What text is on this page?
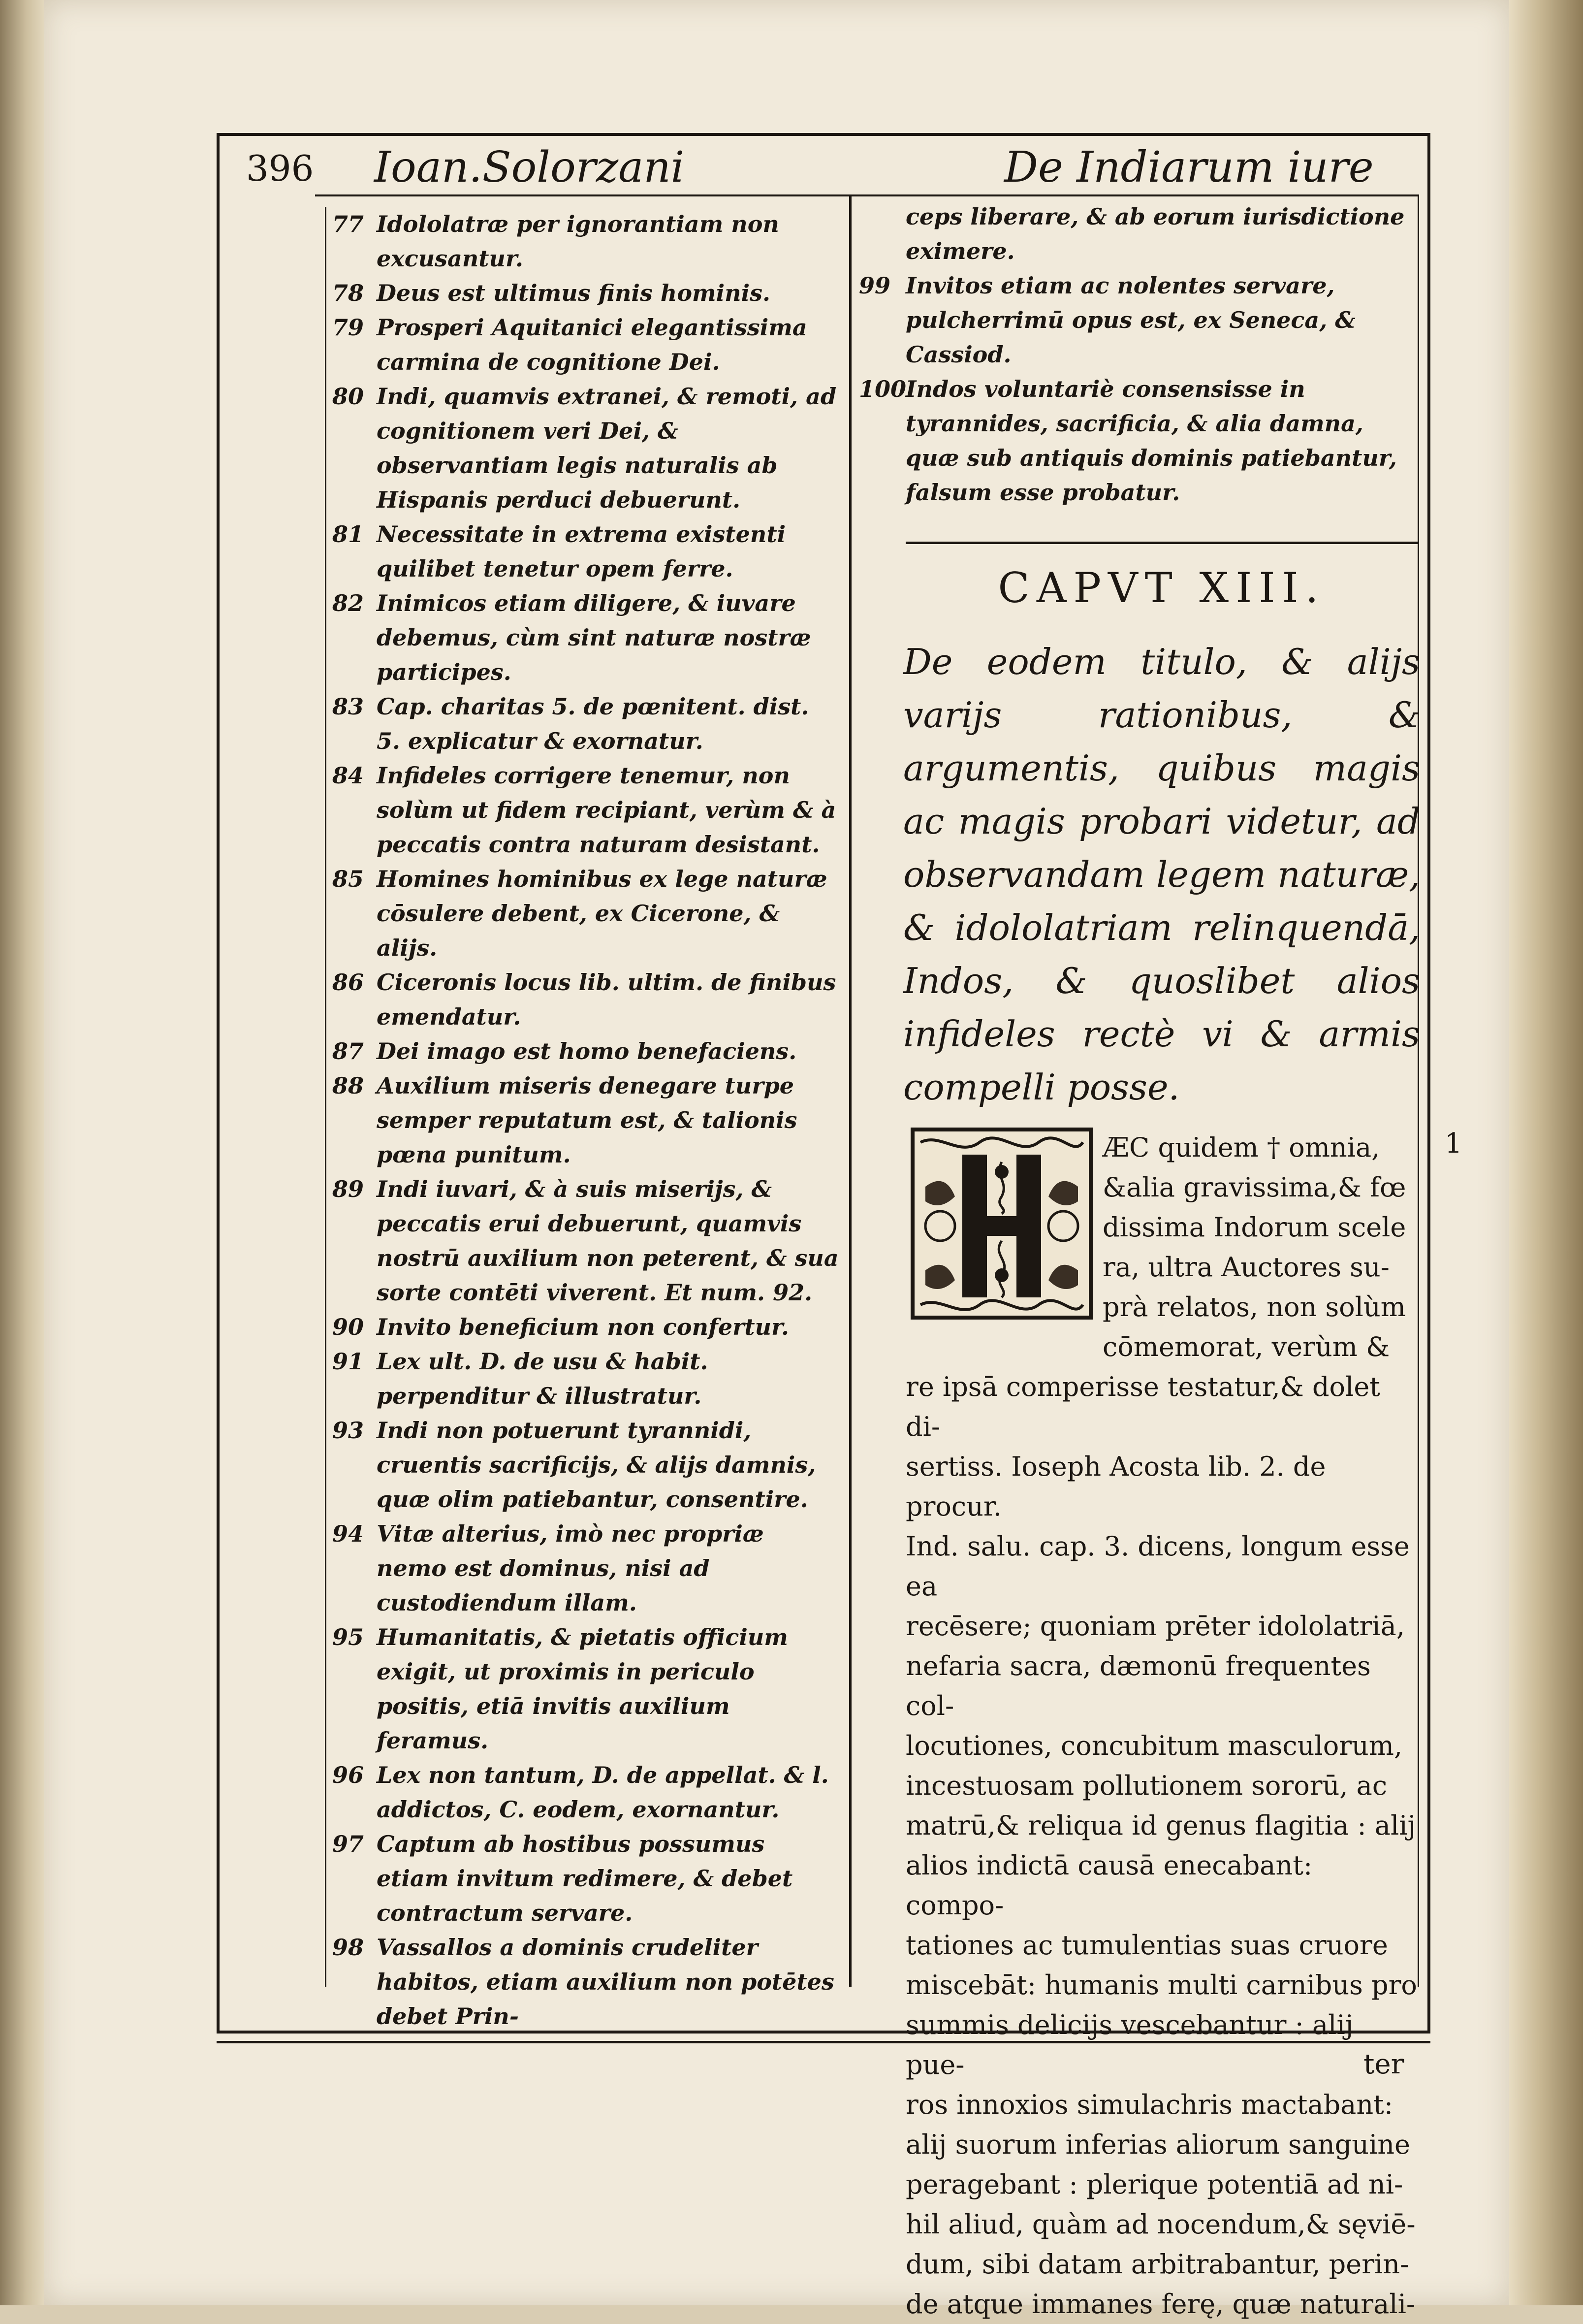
396 Ioan.Solorzani	De Indiarum iure
77 Idololatræ per ignorantiam non excusantur.
78 Deus est ultimus finis hominis.
79 Prosperi Aquitanici elegantissima carmina de cognitione Dei.
80 Indi, quamvis extranei, & remoti, ad cognitionem veri Dei, & observantiam legis naturalis ab Hispanis perduci debuerunt.
81 Necessitate in extrema existenti quilibet tenetur opem ferre.
82 Inimicos etiam diligere, & iuvare debemus, cùm sint naturæ nostræ participes.
83 Cap. charitas 5. de pœnitent. dist. 5. explicatur & exornatur.
84 Infideles corrigere tenemur, non solùm ut fidem recipiant, verùm & à peccatis contra naturam desistant.
85 Homines hominibus ex lege naturæ cōsulere debent, ex Cicerone, & alijs.
86 Ciceronis locus lib. ultim. de finibus emendatur.
87 Dei imago est homo benefaciens.
88 Auxilium miseris denegare turpe semper reputatum est, & talionis pœna punitum.
89 Indi iuvari, & à suis miserijs, & peccatis erui debuerunt, quamvis nostrū auxilium non peterent, & sua sorte contēti viverent. Et num. 92.
90 Invito beneficium non confertur.
91 Lex ult. D. de usu & habit. perpenditur & illustratur.
93 Indi non potuerunt tyrannidi, cruentis sacrificijs, & alijs damnis, quæ olim patiebantur, consentire.
94 Vitæ alterius, imò nec propriæ nemo est dominus, nisi ad custodiendum illam.
95 Humanitatis, & pietatis officium exigit, ut proximis in periculo positis, etiā invitis auxilium feramus.
96 Lex non tantum, D. de appellat. & l. addictos, C. eodem, exornantur.
97 Captum ab hostibus possumus etiam invitum redimere, & debet contractum servare.
98 Vassallos a dominis crudeliter habitos, etiam auxilium non potētes debet Prin-
ceps liberare, & ab eorum iurisdictione eximere.
99 Invitos etiam ac nolentes servare, pulcherrimū opus est, ex Seneca, & Cassiod.
100
Indos voluntariè consensisse in tyrannides, sacrificia, & alia damna, quæ sub antiquis dominis patiebantur, falsum esse probatur.
CAPVT XIII.
De eodem titulo, & alijs varijs rationibus, & argumentis, quibus magis ac magis probari videtur, ad observandam legem naturæ, & idololatriam relinquendā, Indos, & quoslibet alios infideles rectè vi & armis compelli posse.
ÆC quidem † omnia,
&alia gravissima,& fœ
dissima Indorum scele
ra, ultra Auctores su-
prà relatos, non solùm
cōmemorat, verùm &
re ipsā comperisse testatur,& dolet di-
sertiss. Ioseph Acosta lib. 2. de procur.
Ind. salu. cap. 3. dicens, longum esse ea
recēsere; quoniam prēter idololatriā,
nefaria sacra, dæmonū frequentes col-
locutiones, concubitum masculorum,
incestuosam pollutionem sororū, ac
matrū,& reliqua id genus flagitia : alij
alios indictā causā enecabant: compo-
tationes ac tumulentias suas cruore
miscebāt: humanis multi carnibus pro
summis delicijs vescebantur : alij pue-
ros innoxios simulachris mactabant:
alij suorum inferias aliorum sanguine
peragebant : plerique potentiā ad ni-
hil aliud, quàm ad nocendum,& sęviē-
dum, sibi datam arbitrabantur, perin-
de atque immanes ferę, quæ naturali-
1
ter
